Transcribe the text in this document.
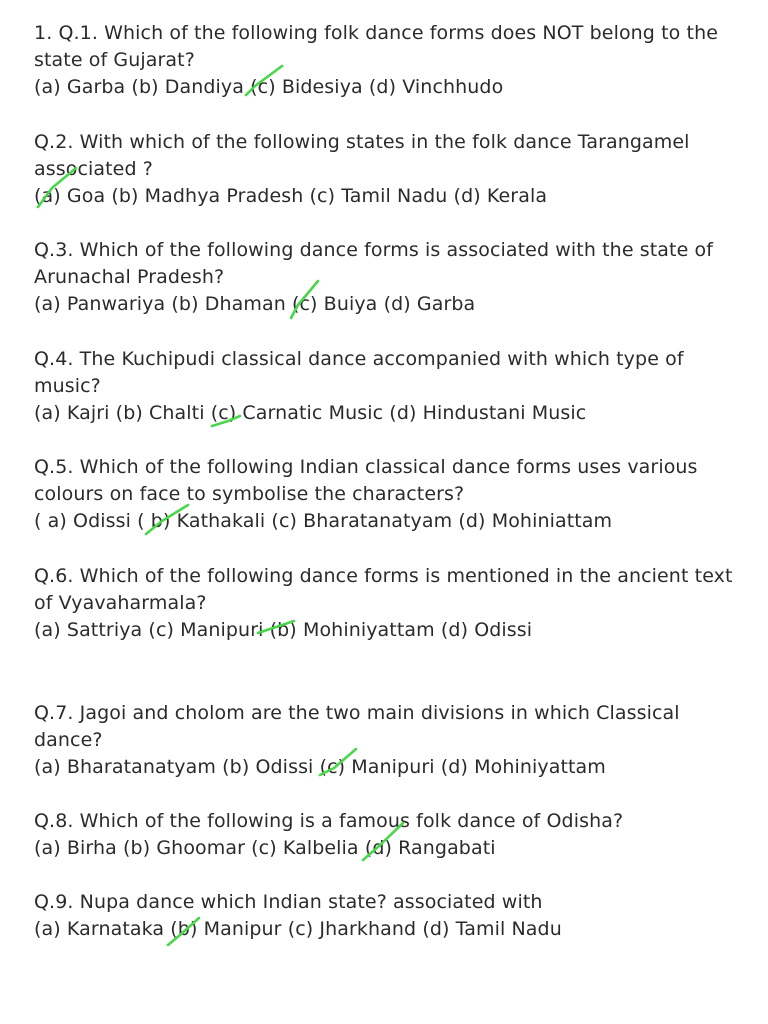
1. Q.1. Which of the following folk dance forms does NOT belong to the
state of Gujarat?
(a) Garba (b) Dandiya (c) Bidesiya (d) Vinchhudo
Q.2. With which of the following states in the folk dance Tarangamel
associated ?
(a) Goa (b) Madhya Pradesh (c) Tamil Nadu (d) Kerala
Q.3. Which of the following dance forms is associated with the state of
Arunachal Pradesh?
(a) Panwariya (b) Dhaman (c) Buiya (d) Garba
Q.4. The Kuchipudi classical dance accompanied with which type of
music?
(a) Kajri (b) Chalti (c) Carnatic Music (d) Hindustani Music
Q.5. Which of the following Indian classical dance forms uses various
colours on face to symbolise the characters?
( a) Odissi ( b) Kathakali (c) Bharatanatyam (d) Mohiniattam
Q.6. Which of the following dance forms is mentioned in the ancient text
of Vyavaharmala?
(a) Sattriya (c) Manipuri (b) Mohiniyattam (d) Odissi
Q.7. Jagoi and cholom are the two main divisions in which Classical
dance?
(a) Bharatanatyam (b) Odissi (c) Manipuri (d) Mohiniyattam
Q.8. Which of the following is a famous folk dance of Odisha?
(a) Birha (b) Ghoomar (c) Kalbelia (d) Rangabati
Q.9. Nupa dance which Indian state? associated with
(a) Karnataka (b) Manipur (c) Jharkhand (d) Tamil Nadu
